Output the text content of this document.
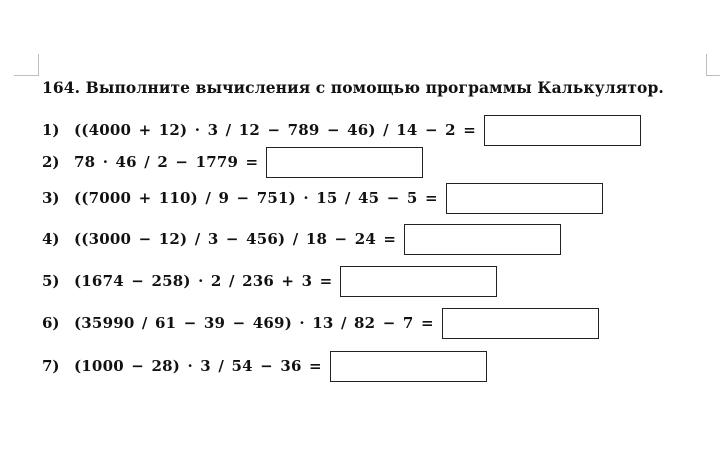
164. Выполните вычисления с помощью программы Калькулятор.
1) ((4000 + 12) · 3 / 12 − 789 − 46) / 14 − 2 =
2) 78 · 46 / 2 − 1779 =
3) ((7000 + 110) / 9 − 751) · 15 / 45 − 5 =
4) ((3000 − 12) / 3 − 456) / 18 − 24 =
5) (1674 − 258) · 2 / 236 + 3 =
6) (35990 / 61 − 39 − 469) · 13 / 82 − 7 =
7) (1000 − 28) · 3 / 54 − 36 =
